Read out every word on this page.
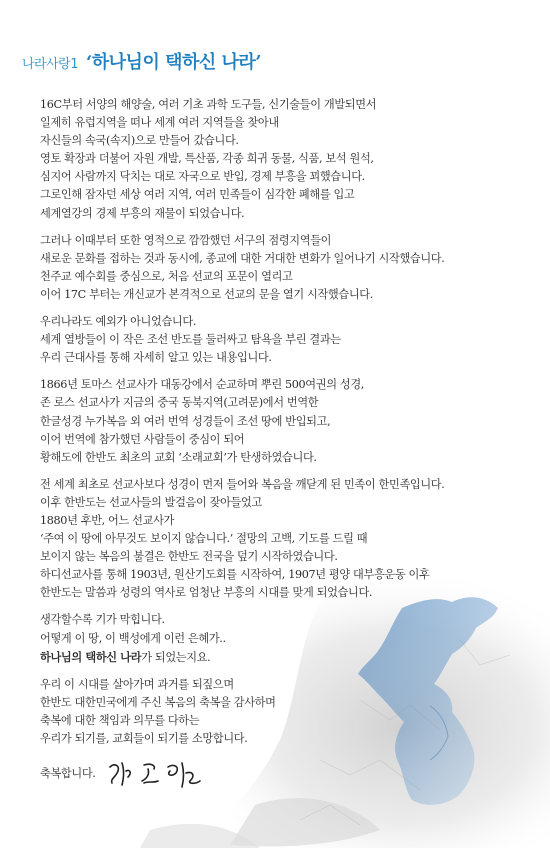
나라사랑1 ‘하나님이 택하신 나라’
16C부터 서양의 해양술, 여러 기초 과학 도구들, 신기술들이 개발되면서
일제히 유럽지역을 떠나 세계 여러 지역들을 찾아내
자신들의 속국(속지)으로 만들어 갔습니다.
영토 확장과 더불어 자원 개발, 특산품, 각종 희귀 동물, 식품, 보석 원석,
심지어 사람까지 닥치는 대로 자국으로 반입, 경제 부흥을 꾀했습니다.
그로인해 잠자던 세상 여러 지역, 여러 민족들이 심각한 폐해를 입고
세계열강의 경제 부흥의 재물이 되었습니다.
그러나 이때부터 또한 영적으로 깜깜했던 서구의 점령지역들이
새로운 문화를 접하는 것과 동시에, 종교에 대한 거대한 변화가 일어나기 시작했습니다.
천주교 예수회를 중심으로, 처음 선교의 포문이 열리고
이어 17C 부터는 개신교가 본격적으로 선교의 문을 열기 시작했습니다.
우리나라도 예외가 아니었습니다.
세계 열방들이 이 작은 조선 반도를 둘러싸고 탐욕을 부린 결과는
우리 근대사를 통해 자세히 알고 있는 내용입니다.
1866년 토마스 선교사가 대동강에서 순교하며 뿌린 500여권의 성경,
존 로스 선교사가 지금의 중국 동북지역(고려문)에서 번역한
한글성경 누가복음 외 여러 번역 성경들이 조선 땅에 반입되고,
이어 번역에 참가했던 사람들이 중심이 되어
황해도에 한반도 최초의 교회 ‘소래교회’가 탄생하였습니다.
전 세계 최초로 선교사보다 성경이 먼저 들어와 복음을 깨닫게 된 민족이 한민족입니다.
이후 한반도는 선교사들의 발걸음이 잦아들었고
1880년 후반, 어느 선교사가
‘주여 이 땅에 아무것도 보이지 않습니다.’ 절망의 고백, 기도를 드릴 때
보이지 않는 복음의 불결은 한반도 전국을 덮기 시작하였습니다.
하디선교사를 통해 1903년, 원산기도회를 시작하여, 1907년 평양 대부흥운동 이후
한반도는 말씀과 성령의 역사로 엄청난 부흥의 시대를 맞게 되었습니다.
생각할수록 기가 막힙니다.
어떻게 이 땅, 이 백성에게 이런 은혜가..
하나님의 택하신 나라가 되었는지요.
우리 이 시대를 살아가며 과거를 되짚으며
한반도 대한민국에게 주신 복음의 축복을 감사하며
축복에 대한 책임과 의무를 다하는
우리가 되기를, 교회들이 되기를 소망합니다.
축복합니다.
